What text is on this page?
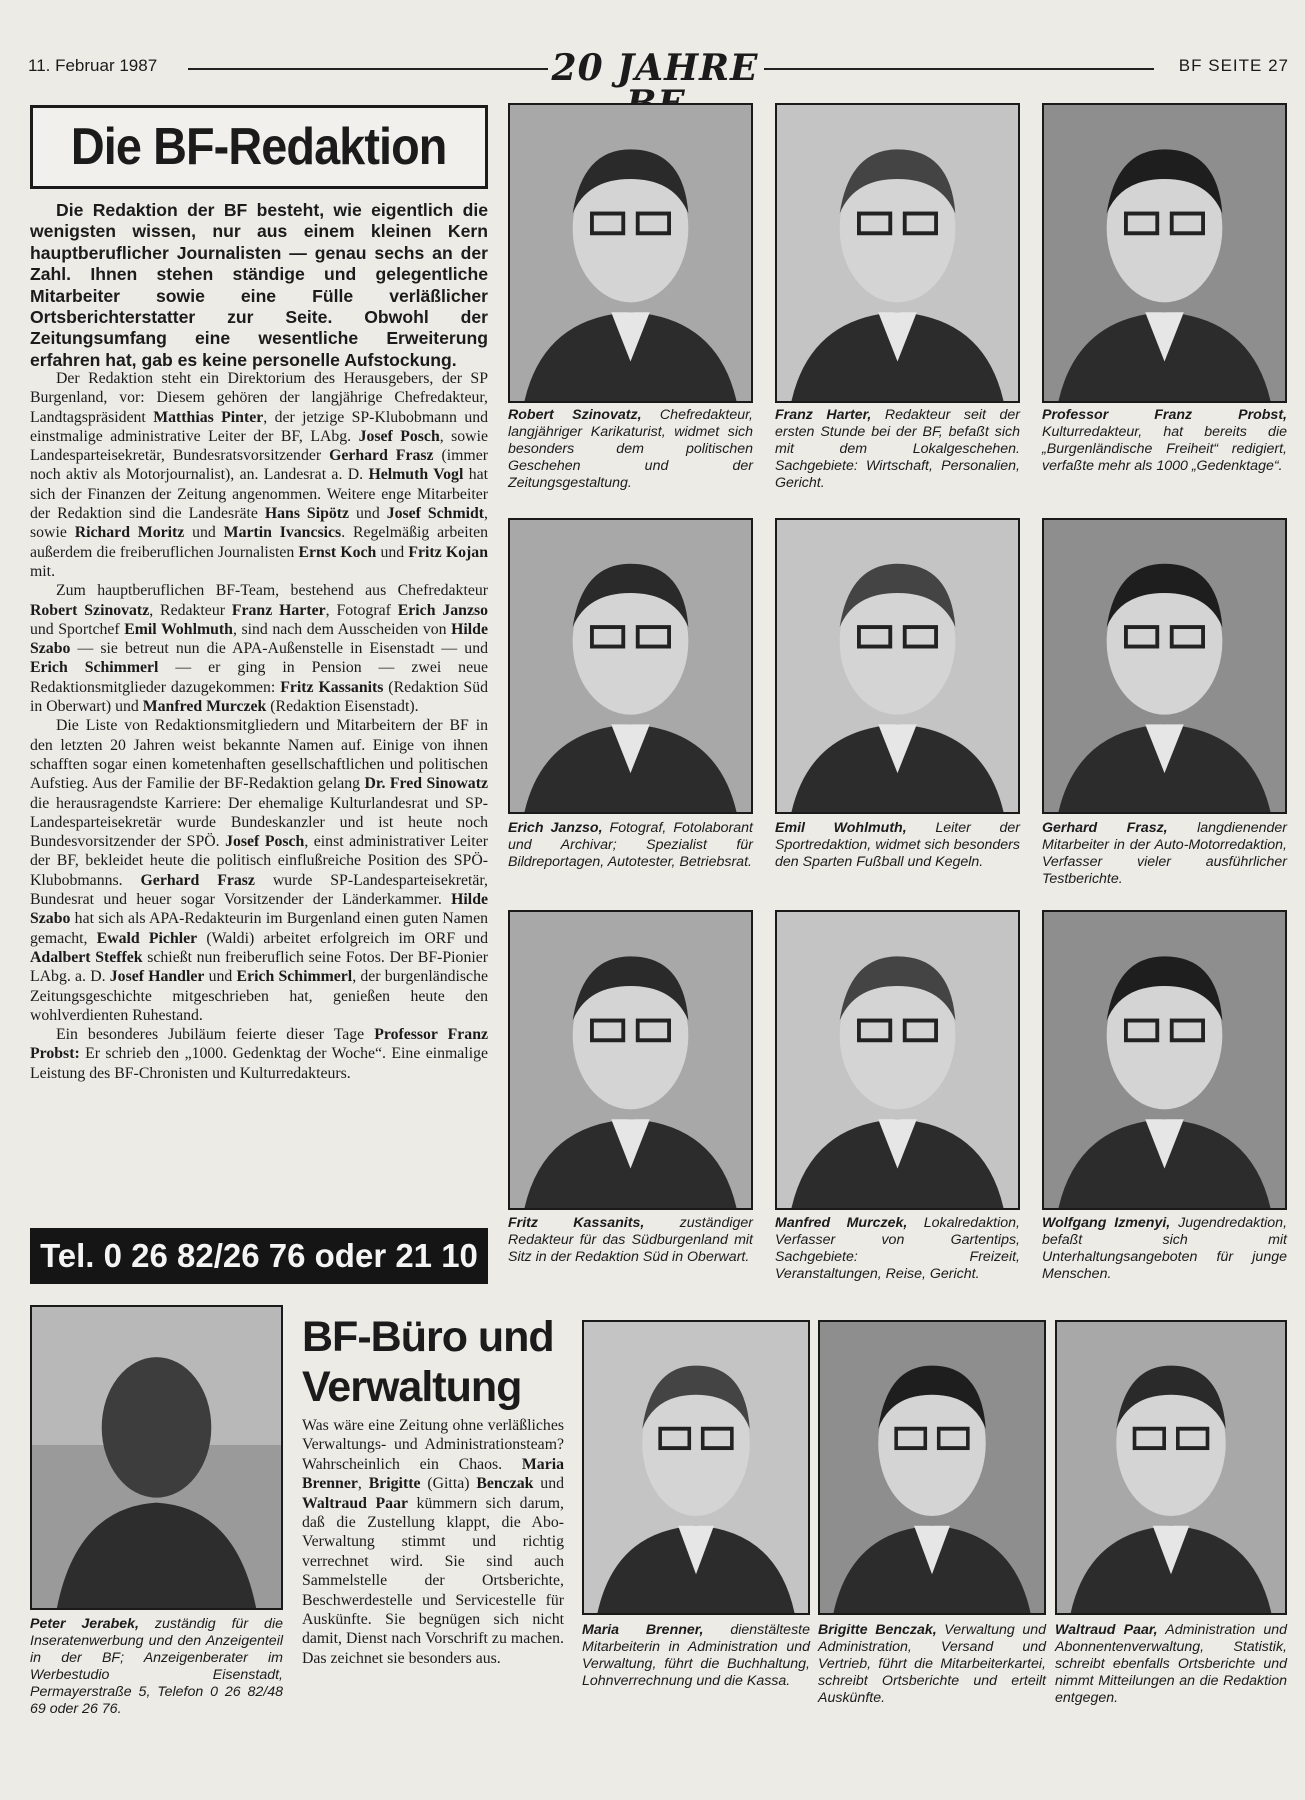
11. Februar 1987	20 JAHRE	BF SEITE 27
Die BF-Redaktion
Die Redaktion der BF besteht, wie eigentlich die wenigsten wissen, nur aus einem kleinen Kern hauptberuflicher Journalisten — genau sechs an der Zahl. Ihnen stehen ständige und gelegentliche Mitarbeiter sowie eine Fülle verläßlicher Ortsberichterstatter zur Seite. Obwohl der Zeitungsumfang eine wesentliche Erweiterung erfahren hat, gab es keine personelle Aufstockung.

Der Redaktion steht ein Direktorium des Herausgebers, der SP Burgenland, vor: Diesem gehören der langjährige Chefredakteur, Landtagspräsident Matthias Pinter, der jetzige SP-Klubobmann und einstmalige administrative Leiter der BF, LAbg. Josef Posch, sowie Landesparteisekretär, Bundesratsvorsitzender Gerhard Frasz (immer noch aktiv als Motorjournalist), an. Landesrat a. D. Helmuth Vogl hat sich der Finanzen der Zeitung angenommen. Weitere enge Mitarbeiter der Redaktion sind die Landesräte Hans Sipötz und Josef Schmidt, sowie Richard Moritz und Martin Ivancsics. Regelmäßig arbeiten außerdem die freiberuflichen Journalisten Ernst Koch und Fritz Kojan mit.

Zum hauptberuflichen BF-Team, bestehend aus Chefredakteur Robert Szinovatz, Redakteur Franz Harter, Fotograf Erich Janzso und Sportchef Emil Wohlmuth, sind nach dem Ausscheiden von Hilde Szabo — sie betreut nun die APA-Außenstelle in Eisenstadt — und Erich Schimmerl — er ging in Pension — zwei neue Redaktionsmitglieder dazugekommen: Fritz Kassanits (Redaktion Süd in Oberwart) und Manfred Murczek (Redaktion Eisenstadt).

Die Liste von Redaktionsmitgliedern und Mitarbeitern der BF in den letzten 20 Jahren weist bekannte Namen auf. Einige von ihnen schafften sogar einen kometenhaften gesellschaftlichen und politischen Aufstieg. Aus der Familie der BF-Redaktion gelang Dr. Fred Sinowatz die herausragendste Karriere: Der ehemalige Kulturlandesrat und SP-Landesparteisekretär wurde Bundeskanzler und ist heute noch Bundesvorsitzender der SPÖ. Josef Posch, einst administrativer Leiter der BF, bekleidet heute die politisch einflußreiche Position des SPÖ-Klubobmanns. Gerhard Frasz wurde SP-Landesparteisekretär, Bundesrat und heuer sogar Vorsitzender der Länderkammer. Hilde Szabo hat sich als APA-Redakteurin im Burgenland einen guten Namen gemacht, Ewald Pichler (Waldi) arbeitet erfolgreich im ORF und Adalbert Steffek schießt nun freiberuflich seine Fotos. Der BF-Pionier LAbg. a. D. Josef Handler und Erich Schimmerl, der burgenländische Zeitungsgeschichte mitgeschrieben hat, genießen heute den wohlverdienten Ruhestand.

Ein besonderes Jubiläum feierte dieser Tage Professor Franz Probst: Er schrieb den „1000. Gedenktag der Woche“. Eine einmalige Leistung des BF-Chronisten und Kulturredakteurs.

Tel. 0 26 82/26 76 oder 21 10
Robert Szinovatz, Chefredakteur, langjähriger Karikaturist, widmet sich besonders dem politischen Geschehen und der Zeitungsgestaltung.
Franz Harter, Redakteur seit der ersten Stunde bei der BF, befaßt sich mit dem Lokalgeschehen. Sachgebiete: Wirtschaft, Personalien, Gericht.
Professor Franz Probst, Kulturredakteur, hat bereits die „Burgenländische Freiheit“ redigiert, verfaßte mehr als 1000 „Gedenktage“.
Erich Janzso, Fotograf, Fotolaborant und Archivar; Spezialist für Bildreportagen, Autotester, Betriebsrat.
Emil Wohlmuth, Leiter der Sportredaktion, widmet sich besonders den Sparten Fußball und Kegeln.
Gerhard Frasz, langdienender Mitarbeiter in der Auto-Motorredaktion, Verfasser vieler ausführlicher Testberichte.
Fritz Kassanits, zuständiger Redakteur für das Südburgenland mit Sitz in der Redaktion Süd in Oberwart.
Manfred Murczek, Lokalredaktion, Verfasser von Gartentips, Sachgebiete: Freizeit, Veranstaltungen, Reise, Gericht.
Wolfgang Izmenyi, Jugendredaktion, befaßt sich mit Unterhaltungsangeboten für junge Menschen.
Peter Jerabek, zuständig für die Inseratenwerbung und den Anzeigenteil in der BF; Anzeigenberater im Werbestudio Eisenstadt, Permayerstraße 5, Telefon 0 26 82/48 69 oder 26 76.
BF-Büro und
Verwaltung
Was wäre eine Zeitung ohne verläßliches Verwaltungs- und Administrationsteam? Wahrscheinlich ein Chaos. Maria Brenner, Brigitte (Gitta) Benczak und Waltraud Paar kümmern sich darum, daß die Zustellung klappt, die Abo-Verwaltung stimmt und richtig verrechnet wird. Sie sind auch Sammelstelle der Ortsberichte, Beschwerdestelle und Servicestelle für Auskünfte. Sie begnügen sich nicht damit, Dienst nach Vorschrift zu machen. Das zeichnet sie besonders aus.
Maria Brenner, dienstälteste Mitarbeiterin in Administration und Verwaltung, führt die Buchhaltung, Lohnverrechnung und die Kassa.
Brigitte Benczak, Verwaltung und Administration, Versand und Vertrieb, führt die Mitarbeiterkartei, schreibt Ortsberichte und erteilt Auskünfte.
Waltraud Paar, Administration und Abonnentenverwaltung, Statistik, schreibt ebenfalls Ortsberichte und nimmt Mitteilungen an die Redaktion entgegen.
